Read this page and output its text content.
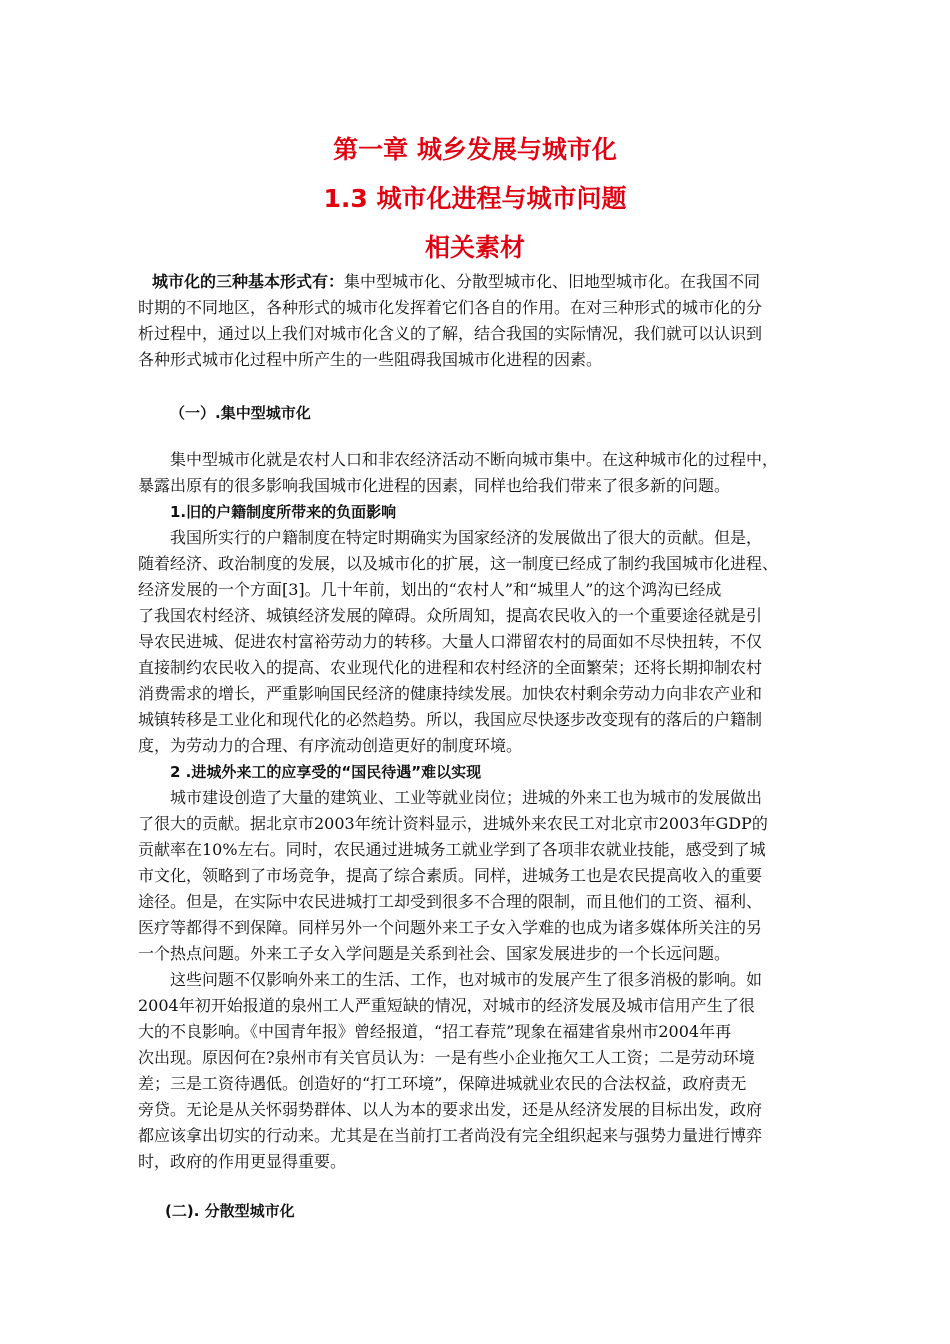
第一章 城乡发展与城市化
1.3 城市化进程与城市问题
相关素材
城市化的三种基本形式有：集中型城市化、分散型城市化、旧地型城市化。在我国不同
时期的不同地区，各种形式的城市化发挥着它们各自的作用。在对三种形式的城市化的分
析过程中，通过以上我们对城市化含义的了解，结合我国的实际情况，我们就可以认识到
各种形式城市化过程中所产生的一些阻碍我国城市化进程的因素。
（一）.集中型城市化
集中型城市化就是农村人口和非农经济活动不断向城市集中。在这种城市化的过程中，
暴露出原有的很多影响我国城市化进程的因素，同样也给我们带来了很多新的问题。
1.旧的户籍制度所带来的负面影响
我国所实行的户籍制度在特定时期确实为国家经济的发展做出了很大的贡献。但是，
随着经济、政治制度的发展，以及城市化的扩展，这一制度已经成了制约我国城市化进程、
经济发展的一个方面[3]。几十年前，划出的“农村人”和“城里人”的这个鸿沟已经成
了我国农村经济、城镇经济发展的障碍。众所周知，提高农民收入的一个重要途径就是引
导农民进城、促进农村富裕劳动力的转移。大量人口滞留农村的局面如不尽快扭转，不仅
直接制约农民收入的提高、农业现代化的进程和农村经济的全面繁荣；还将长期抑制农村
消费需求的增长，严重影响国民经济的健康持续发展。加快农村剩余劳动力向非农产业和
城镇转移是工业化和现代化的必然趋势。所以，我国应尽快逐步改变现有的落后的户籍制
度，为劳动力的合理、有序流动创造更好的制度环境。
2 .进城外来工的应享受的“国民待遇”难以实现
城市建设创造了大量的建筑业、工业等就业岗位；进城的外来工也为城市的发展做出
了很大的贡献。据北京市2003年统计资料显示，进城外来农民工对北京市2003年GDP的
贡献率在10%左右。同时，农民通过进城务工就业学到了各项非农就业技能，感受到了城
市文化，领略到了市场竞争，提高了综合素质。同样，进城务工也是农民提高收入的重要
途径。但是，在实际中农民进城打工却受到很多不合理的限制，而且他们的工资、福利、
医疗等都得不到保障。同样另外一个问题外来工子女入学难的也成为诸多媒体所关注的另
一个热点问题。外来工子女入学问题是关系到社会、国家发展进步的一个长远问题。
这些问题不仅影响外来工的生活、工作，也对城市的发展产生了很多消极的影响。如
2004年初开始报道的泉州工人严重短缺的情况，对城市的经济发展及城市信用产生了很
大的不良影响。《中国青年报》曾经报道，“招工春荒”现象在福建省泉州市2004年再
次出现。原因何在?泉州市有关官员认为：一是有些小企业拖欠工人工资；二是劳动环境
差；三是工资待遇低。创造好的“打工环境”，保障进城就业农民的合法权益，政府责无
旁贷。无论是从关怀弱势群体、以人为本的要求出发，还是从经济发展的目标出发，政府
都应该拿出切实的行动来。尤其是在当前打工者尚没有完全组织起来与强势力量进行博弈
时，政府的作用更显得重要。
(二). 分散型城市化
